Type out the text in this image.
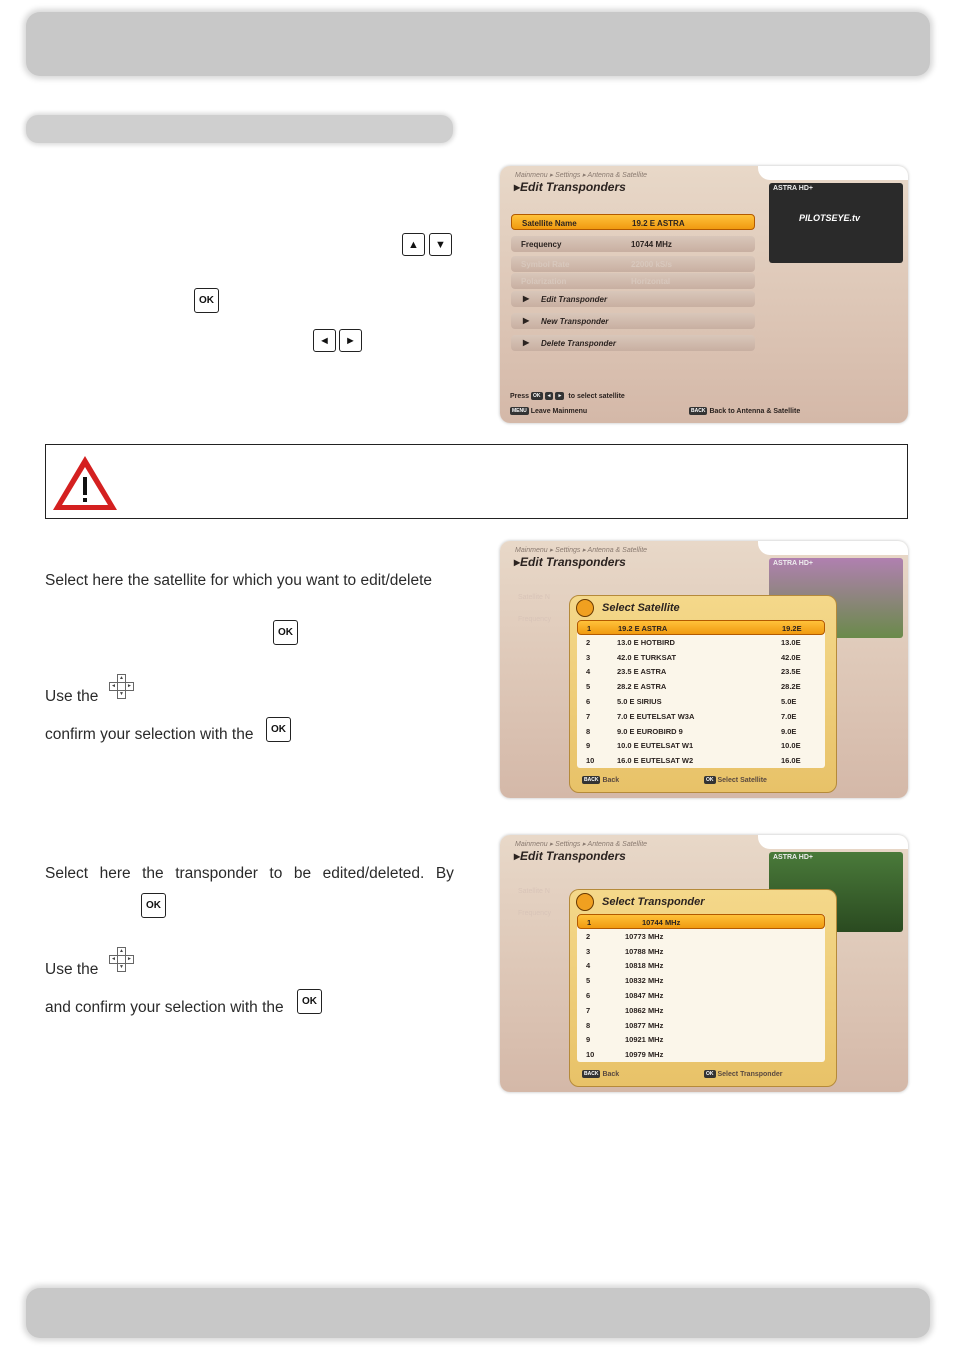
▲	▼
OK
◄	►
Mainmenu ▸ Settings ▸ Antenna & Satellite
▸ Edit Transponders	ASTRA HD+
PILOTSEYE.tv
Satellite Name	19.2 E ASTRA
Frequency	10744 MHz
Symbol Rate	22000 kS/s
Polarization	Horizontal
▶ Edit Transponder
▶ New Transponder
▶ Delete Transponder
Press OK ◄ ► to select satellite
MENU Leave Mainmenu	BACK Back to Antenna & Satellite
Select here the satellite for which you want to edit/delete
OK
Use the
▲
◄	►
▼
confirm your selection with the	OK
Mainmenu ▸ Settings ▸ Antenna & Satellite
▸ Edit Transponders	ASTRA HD+
Satellite N
Frequency
Select Satellite
1	19.2 E ASTRA	19.2E
2	13.0 E HOTBIRD	13.0E
3	42.0 E TURKSAT	42.0E
4	23.5 E ASTRA	23.5E
5	28.2 E ASTRA	28.2E
6	5.0 E SIRIUS	5.0E
7	7.0 E EUTELSAT W3A	7.0E
8	9.0 E EUROBIRD 9	9.0E
9	10.0 E EUTELSAT W1	10.0E
10	16.0 E EUTELSAT W2	16.0E
BACK Back	OK Select Satellite
Select here the transponder to be edited/deleted. By
OK
Use the
▲
◄	►
▼
and confirm your selection with the	OK
Mainmenu ▸ Settings ▸ Antenna & Satellite
▸ Edit Transponders	ASTRA HD+
Satellite N
Frequency
Select Transponder
1	10744 MHz
2	10773 MHz
3	10788 MHz
4	10818 MHz
5	10832 MHz
6	10847 MHz
7	10862 MHz
8	10877 MHz
9	10921 MHz
10	10979 MHz
BACK Back	OK Select Transponder
